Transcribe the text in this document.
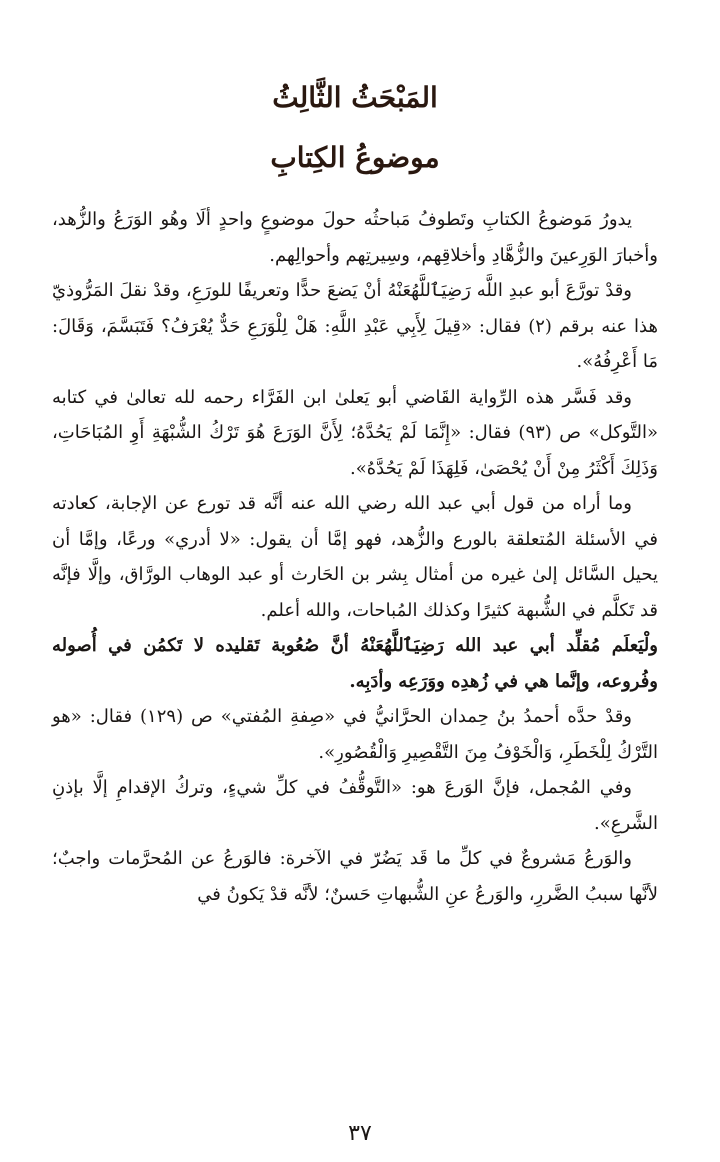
المَبْحَثُ الثَّالِثُ
موضوعُ الكِتابِ

يدورُ مَوضوعُ الكتابِ وتَطوفُ مَباحثُه حولَ موضوعٍ واحدٍ ألَا وهُو الوَرَعُ والزُّهد، وأخبارَ الوَرِعينَ والزُّهَّادِ وأخلاقِهم، وسِيرتِهم وأحوالِهم.

وقدْ تورَّعَ أبو عبدِ اللَّه رَضِيَٱللَّهُعَنْهُ أنْ يَضعَ حدًّا وتعريفًا للورَعِ، وقدْ نقلَ المَرُّوذيّ هذا عنه برقم (٢) فقال: «قِيلَ لِأَبِي عَبْدِ اللَّهِ: هَلْ لِلْوَرَعِ حَدٌّ يُعْرَفُ؟ فَتَبَسَّمَ، وَقَالَ: مَا أَعْرِفُهُ».

وقد فَسَّر هذه الرِّواية القَاضي أبو يَعلىٰ ابن الفَرَّاء رحمه لله تعالىٰ في كتابه «التَّوكل» ص (٩٣) فقال: «إِنَّمَا لَمْ يَحُدَّهُ؛ لِأَنَّ الوَرَعَ هُوَ تَرْكُ الشُّبْهَةِ أَوِ المُبَاحَاتِ، وَذَلِكَ أَكْثَرُ مِنْ أَنْ يُحْصَىٰ، فَلِهَذَا لَمْ يَحُدَّهُ».

وما أراه من قول أبي عبد الله رضي الله عنه أنَّه قد تورع عن الإجابة، كعادته في الأسئلة المُتعلقة بالورع والزُّهد، فهو إمَّا أن يقول: «لا أدري» ورعًا، وإمَّا أن يحيل السَّائل إلىٰ غيره من أمثال بِشر بن الحَارث أو عبد الوهاب الورَّاق، وإلَّا فإنَّه قد تَكلَّم في الشُّبهة كثيرًا وكذلك المُباحات، والله أعلم.

ولْيَعلَم مُقلِّد أبي عبد الله رَضِيَٱللَّهُعَنْهُ أنَّ صُعُوبة تَقليده لا تَكمُن في أُصوله وفُروعه، وإنَّما هي في زُهدِه ووَرَعِه وأدَبِه.

وقدْ حدَّه أحمدُ بنُ حِمدان الحرَّانيُّ في «صِفةِ المُفتي» ص (١٢٩) فقال: «هو التَّرْكُ لِلْخَطَرِ، وَالْخَوْفُ مِنَ التَّقْصِيرِ وَالْقُصُورِ».

وفي المُجمل، فإنَّ الوَرعَ هو: «التَّوقُّفُ في كلِّ شيءٍ، وتركُ الإقدامِ إلَّا بإذنِ الشَّرعِ».

والوَرعُ مَشروعٌ في كلِّ ما قَد يَضُرّ في الآخرة: فالوَرعُ عن المُحرَّمات واجبٌ؛ لأنَّها سببُ الضَّررِ، والوَرعُ عنِ الشُّبهاتِ حَسنٌ؛ لأنَّه قدْ يَكونُ في

٣٧
